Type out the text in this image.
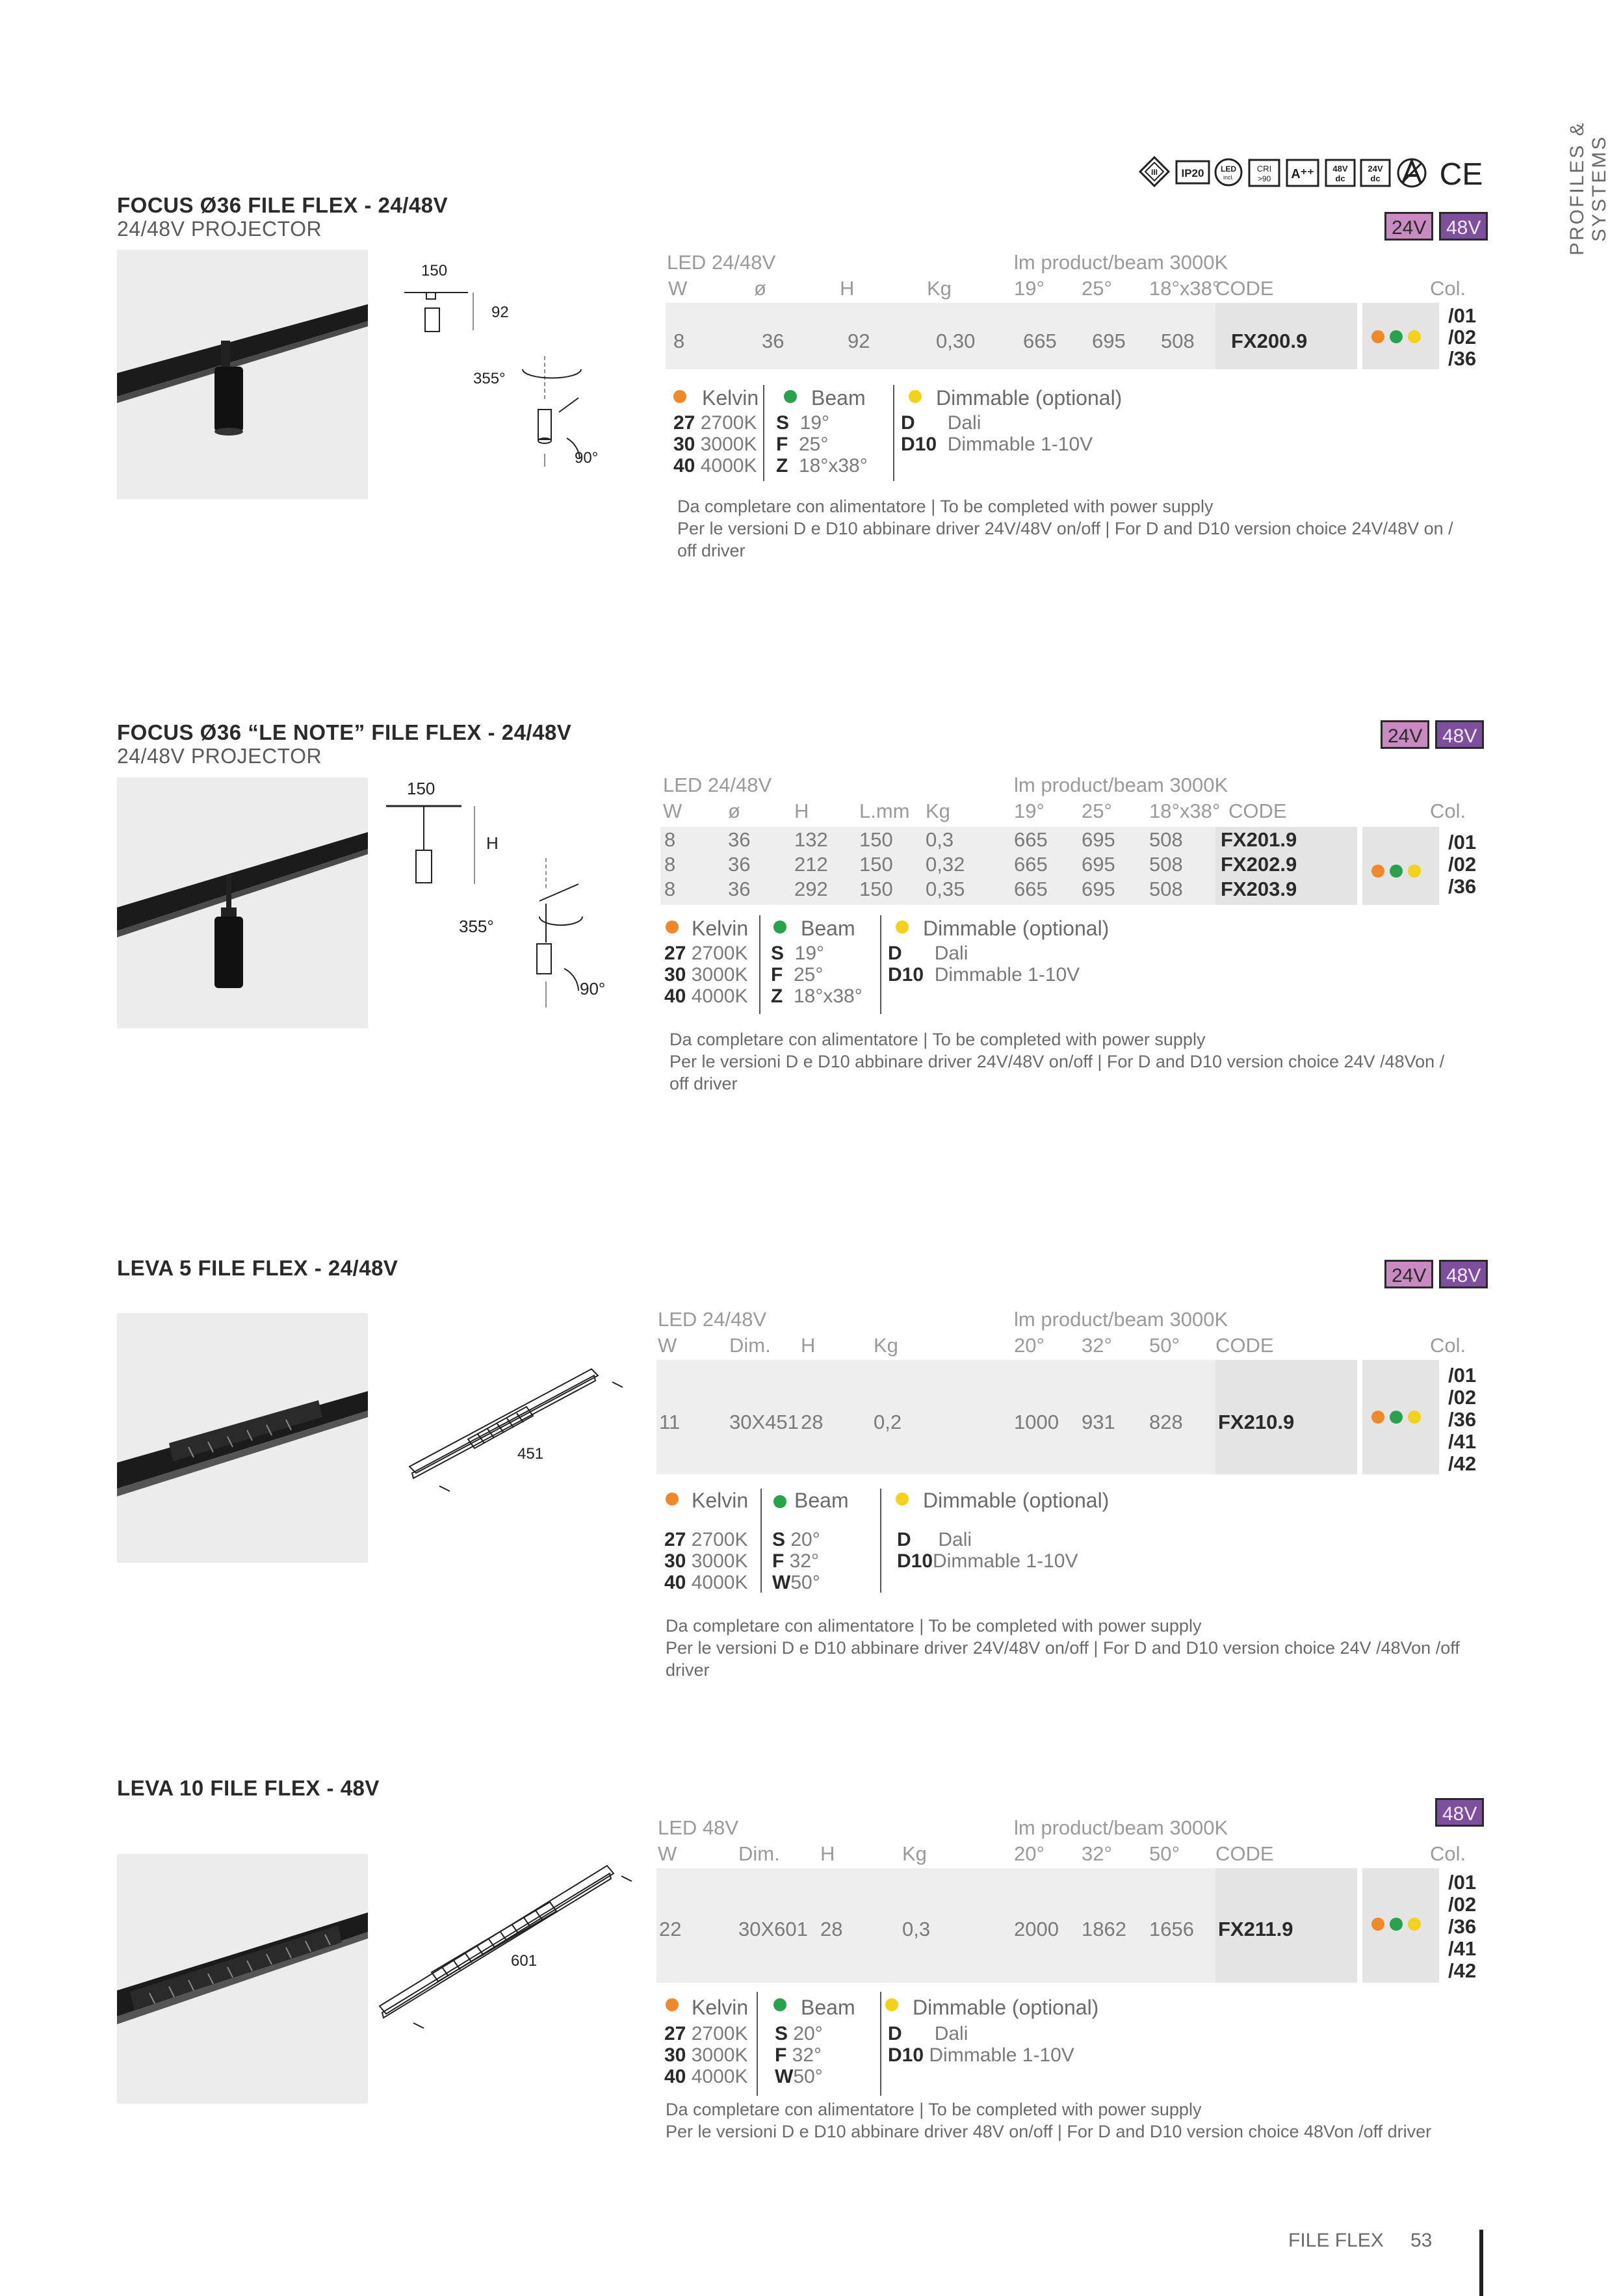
PROFILES & SYSTEMS
III IP20 LED
incl.
CRI
>90 A⁺⁺ 48V
dc
24V
dc CE
FOCUS Ø36 FILE FLEX - 24/48V
24/48V PROJECTOR	24V	48V
150
92
355°
90°
LED 24/48V	lm product/beam 3000K
W	ø	H	Kg	19° 25° 18°x38°
CODE	Col.
8	36	92	0,30 665 695 508 FX200.9
/01
/02
/36
Kelvin	Beam	Dimmable (optional)
27 2700K
30 3000K
40 4000K
S 19°
F 25°
Z 18°x38°
D Dali
D10 Dimmable 1-10V
Da completare con alimentatore | To be completed with power supply
Per le versioni D e D10 abbinare driver 24V/48V on/off | For D and D10 version choice 24V/48V on /
off driver
FOCUS Ø36 “LE NOTE” FILE FLEX - 24/48V
24/48V PROJECTOR
24V	48V
150
H
355°
90°
LED 24/48V	lm product/beam 3000K
W ø	H	L.mm Kg	19° 25° 18°x38° CODE	Col.
8	36 132 150 0,3	665 695 508 FX201.9
8	36 212 150 0,32 665 695 508 FX202.9
8	36 292 150 0,35 665 695 508 FX203.9
/01
/02
/36
Kelvin	Beam	Dimmable (optional)
27 2700K
30 3000K
40 4000K
S 19°
F 25°
Z 18°x38°
D Dali
D10 Dimmable 1-10V
Da completare con alimentatore | To be completed with power supply
Per le versioni D e D10 abbinare driver 24V/48V on/off | For D and D10 version choice 24V /48Von /
off driver
LEVA 5 FILE FLEX - 24/48V	24V	48V
451
LED 24/48V	lm product/beam 3000K
W	Dim. H	Kg	20° 32° 50° CODE	Col.
11 30X451 28	0,2	1000 931 828 FX210.9
/01
/02
/36
/41
/42
Kelvin Beam	Dimmable (optional)
27 2700K
30 3000K
40 4000K
S 20°
F 32°
W50°
D Dali
D10Dimmable 1-10V
Da completare con alimentatore | To be completed with power supply
Per le versioni D e D10 abbinare driver 24V/48V on/off | For D and D10 version choice 24V /48Von /off driver
LEVA 10 FILE FLEX - 48V
48V
601
LED 48V	lm product/beam 3000K
W	Dim. H	Kg	20° 32° 50° CODE	Col.
22	30X601 28	0,3	2000 1862 1656 FX211.9
/01
/02
/36
/41
/42
Kelvin	Beam	Dimmable (optional)
27 2700K
30 3000K
40 4000K
S 20°
F 32°
W50°
D Dali
D10 Dimmable 1-10V
Da completare con alimentatore | To be completed with power supply
Per le versioni D e D10 abbinare driver 48V on/off | For D and D10 version choice 48Von /off driver
FILE FLEX 53
